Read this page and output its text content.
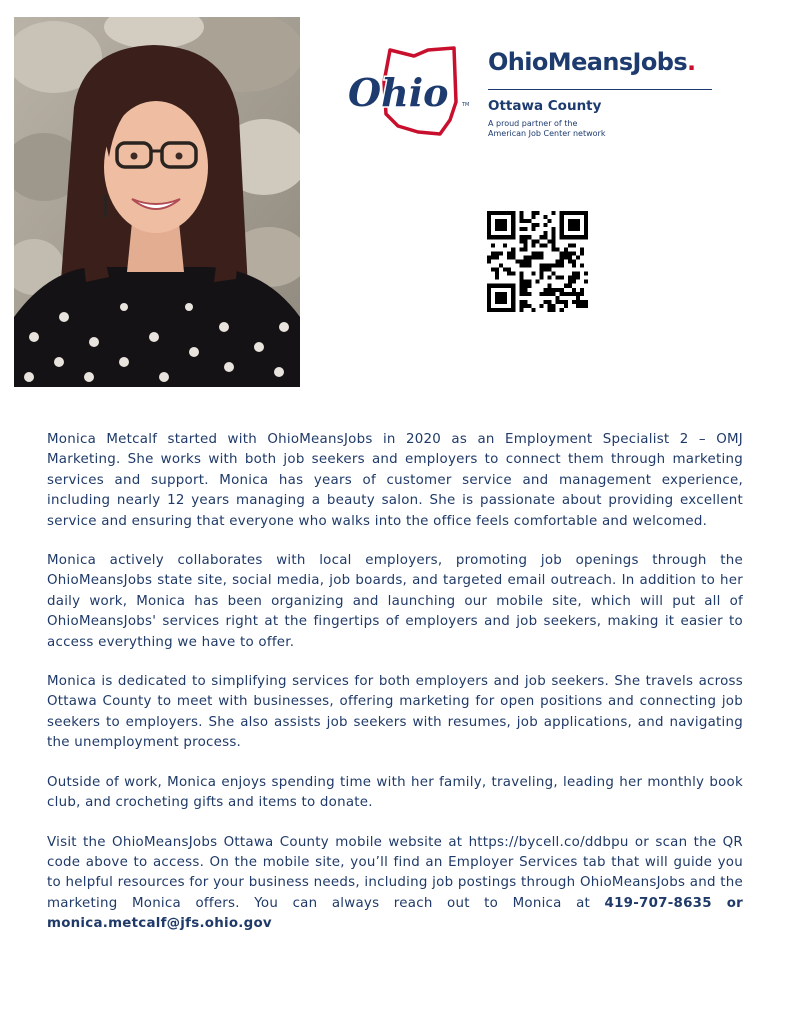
Ohio	TM
OhioMeansJobs.
Ottawa County
A proud partner of the
American Job Center network

Monica Metcalf started with OhioMeansJobs in 2020 as an Employment Specialist 2 – OMJ Marketing. She works with both job seekers and employers to connect them through marketing services and support. Monica has years of customer service and management experience, including nearly 12 years managing a beauty salon. She is passionate about providing excellent service and ensuring that everyone who walks into the office feels comfortable and welcomed.

Monica actively collaborates with local employers, promoting job openings through the OhioMeansJobs state site, social media, job boards, and targeted email outreach. In addition to her daily work, Monica has been organizing and launching our mobile site, which will put all of OhioMeansJobs' services right at the fingertips of employers and job seekers, making it easier to access everything we have to offer.

Monica is dedicated to simplifying services for both employers and job seekers. She travels across Ottawa County to meet with businesses, offering marketing for open positions and connecting job seekers to employers. She also assists job seekers with resumes, job applications, and navigating the unemployment process.

Outside of work, Monica enjoys spending time with her family, traveling, leading her monthly book club, and crocheting gifts and items to donate.

Visit the OhioMeansJobs Ottawa County mobile website at https://bycell.co/ddbpu or scan the QR code above to access. On the mobile site, you’ll find an Employer Services tab that will guide you to helpful resources for your business needs, including job postings through OhioMeansJobs and the marketing Monica offers. You can always reach out to Monica at 419-707-8635 or monica.metcalf@jfs.ohio.gov
